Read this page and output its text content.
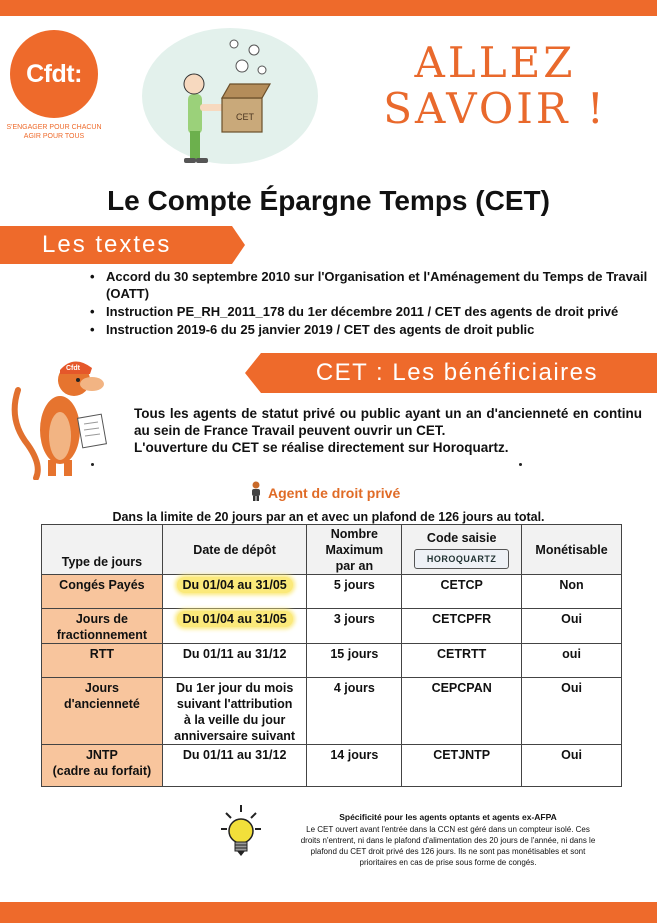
Cfdt:
S'ENGAGER POUR CHACUN
AGIR POUR TOUS
CET
ALLEZ
SAVOIR !
Le Compte Épargne Temps (CET)
Les textes
• Accord du 30 septembre 2010 sur l'Organisation et l'Aménagement du Temps de Travail (OATT)
• Instruction PE_RH_2011_178 du 1er décembre 2011 / CET des agents de droit privé
• Instruction 2019-6 du 25 janvier 2019 / CET des agents de droit public
CET : Les bénéficiaires
Cfdt

Tous les agents de statut privé ou public ayant un an d'ancienneté en continu au sein de France Travail peuvent ouvrir un CET.

L'ouverture du CET se réalise directement sur Horoquartz.

Agent de droit privé
Dans la limite de 20 jours par an et avec un plafond de 126 jours au total.
Type de jours	Date de dépôt	Nombre
Maximum
par an	Code saisie
HOROQUARTZ	Monétisable
Congés Payés	Du 01/04 au 31/05	5 jours	CETCP	Non
Jours de
fractionnement	Du 01/04 au 31/05	3 jours	CETCPFR	Oui
RTT	Du 01/11 au 31/12	15 jours	CETRTT	oui
Jours
d'ancienneté	Du 1er jour du mois
suivant l'attribution
à la veille du jour
anniversaire suivant	4 jours	CEPCPAN	Oui
JNTP
(cadre au forfait)	Du 01/11 au 31/12	14 jours	CETJNTP	Oui

Spécificité pour les agents optants et agents ex-AFPA

Le CET ouvert avant l'entrée dans la CCN est géré dans un compteur isolé. Ces droits n'entrent, ni dans le plafond d'alimentation des 20 jours de l'année, ni dans le plafond du CET droit privé des 126 jours. Ils ne sont pas monétisables et sont prioritaires en cas de prise sous forme de congés.
